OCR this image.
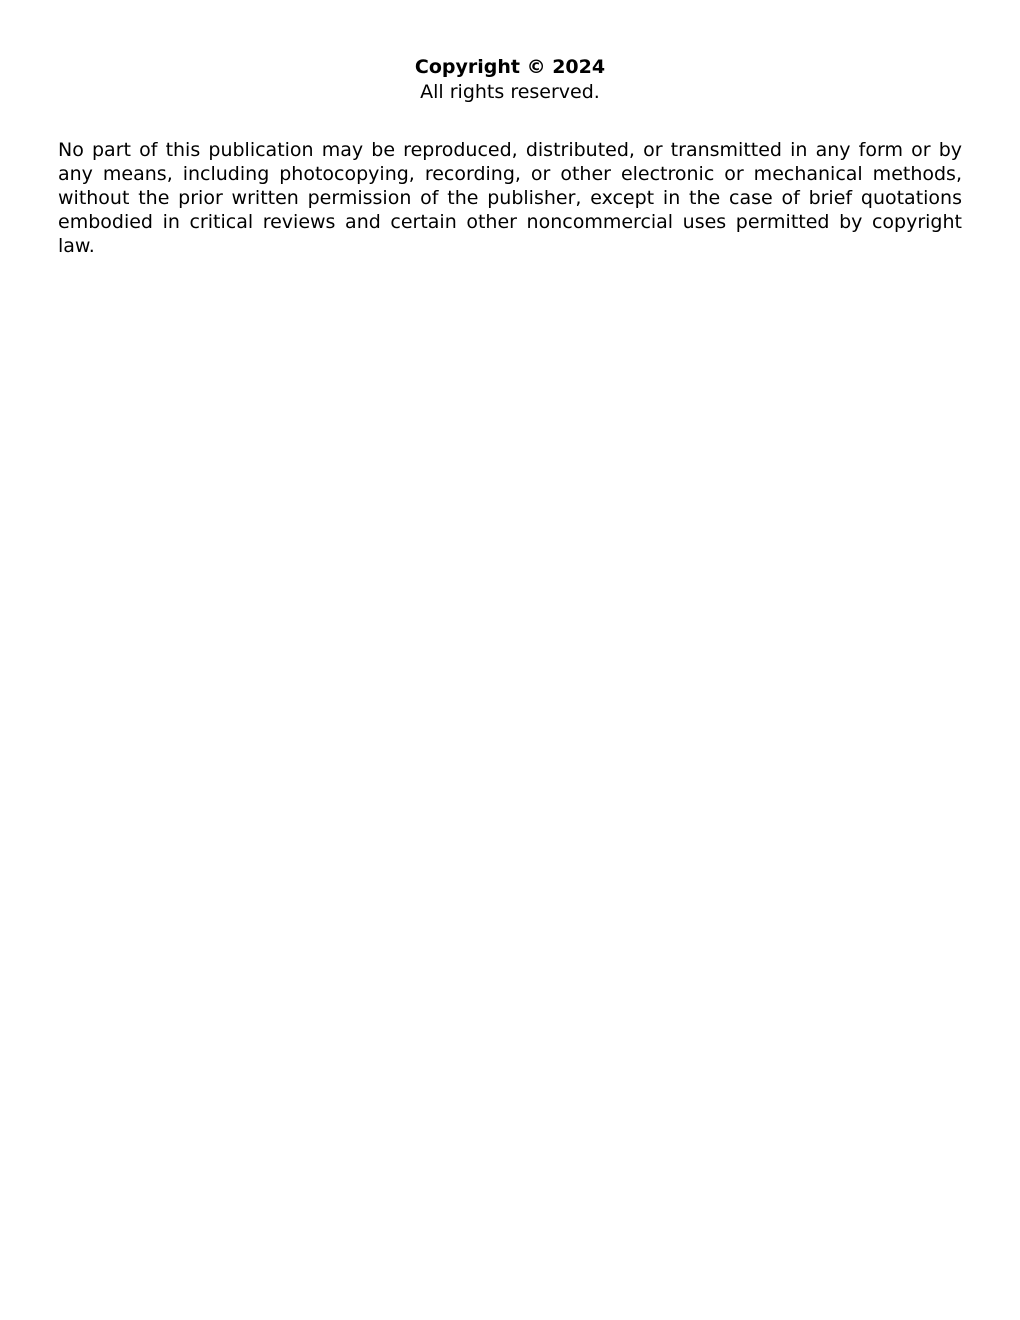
Copyright © 2024

All rights reserved.

No part of this publication may be reproduced, distributed, or transmitted in any form or by any means, including photocopying, recording, or other electronic or mechanical methods, without the prior written permission of the publisher, except in the case of brief quotations embodied in critical reviews and certain other noncommercial uses permitted by copyright law.
